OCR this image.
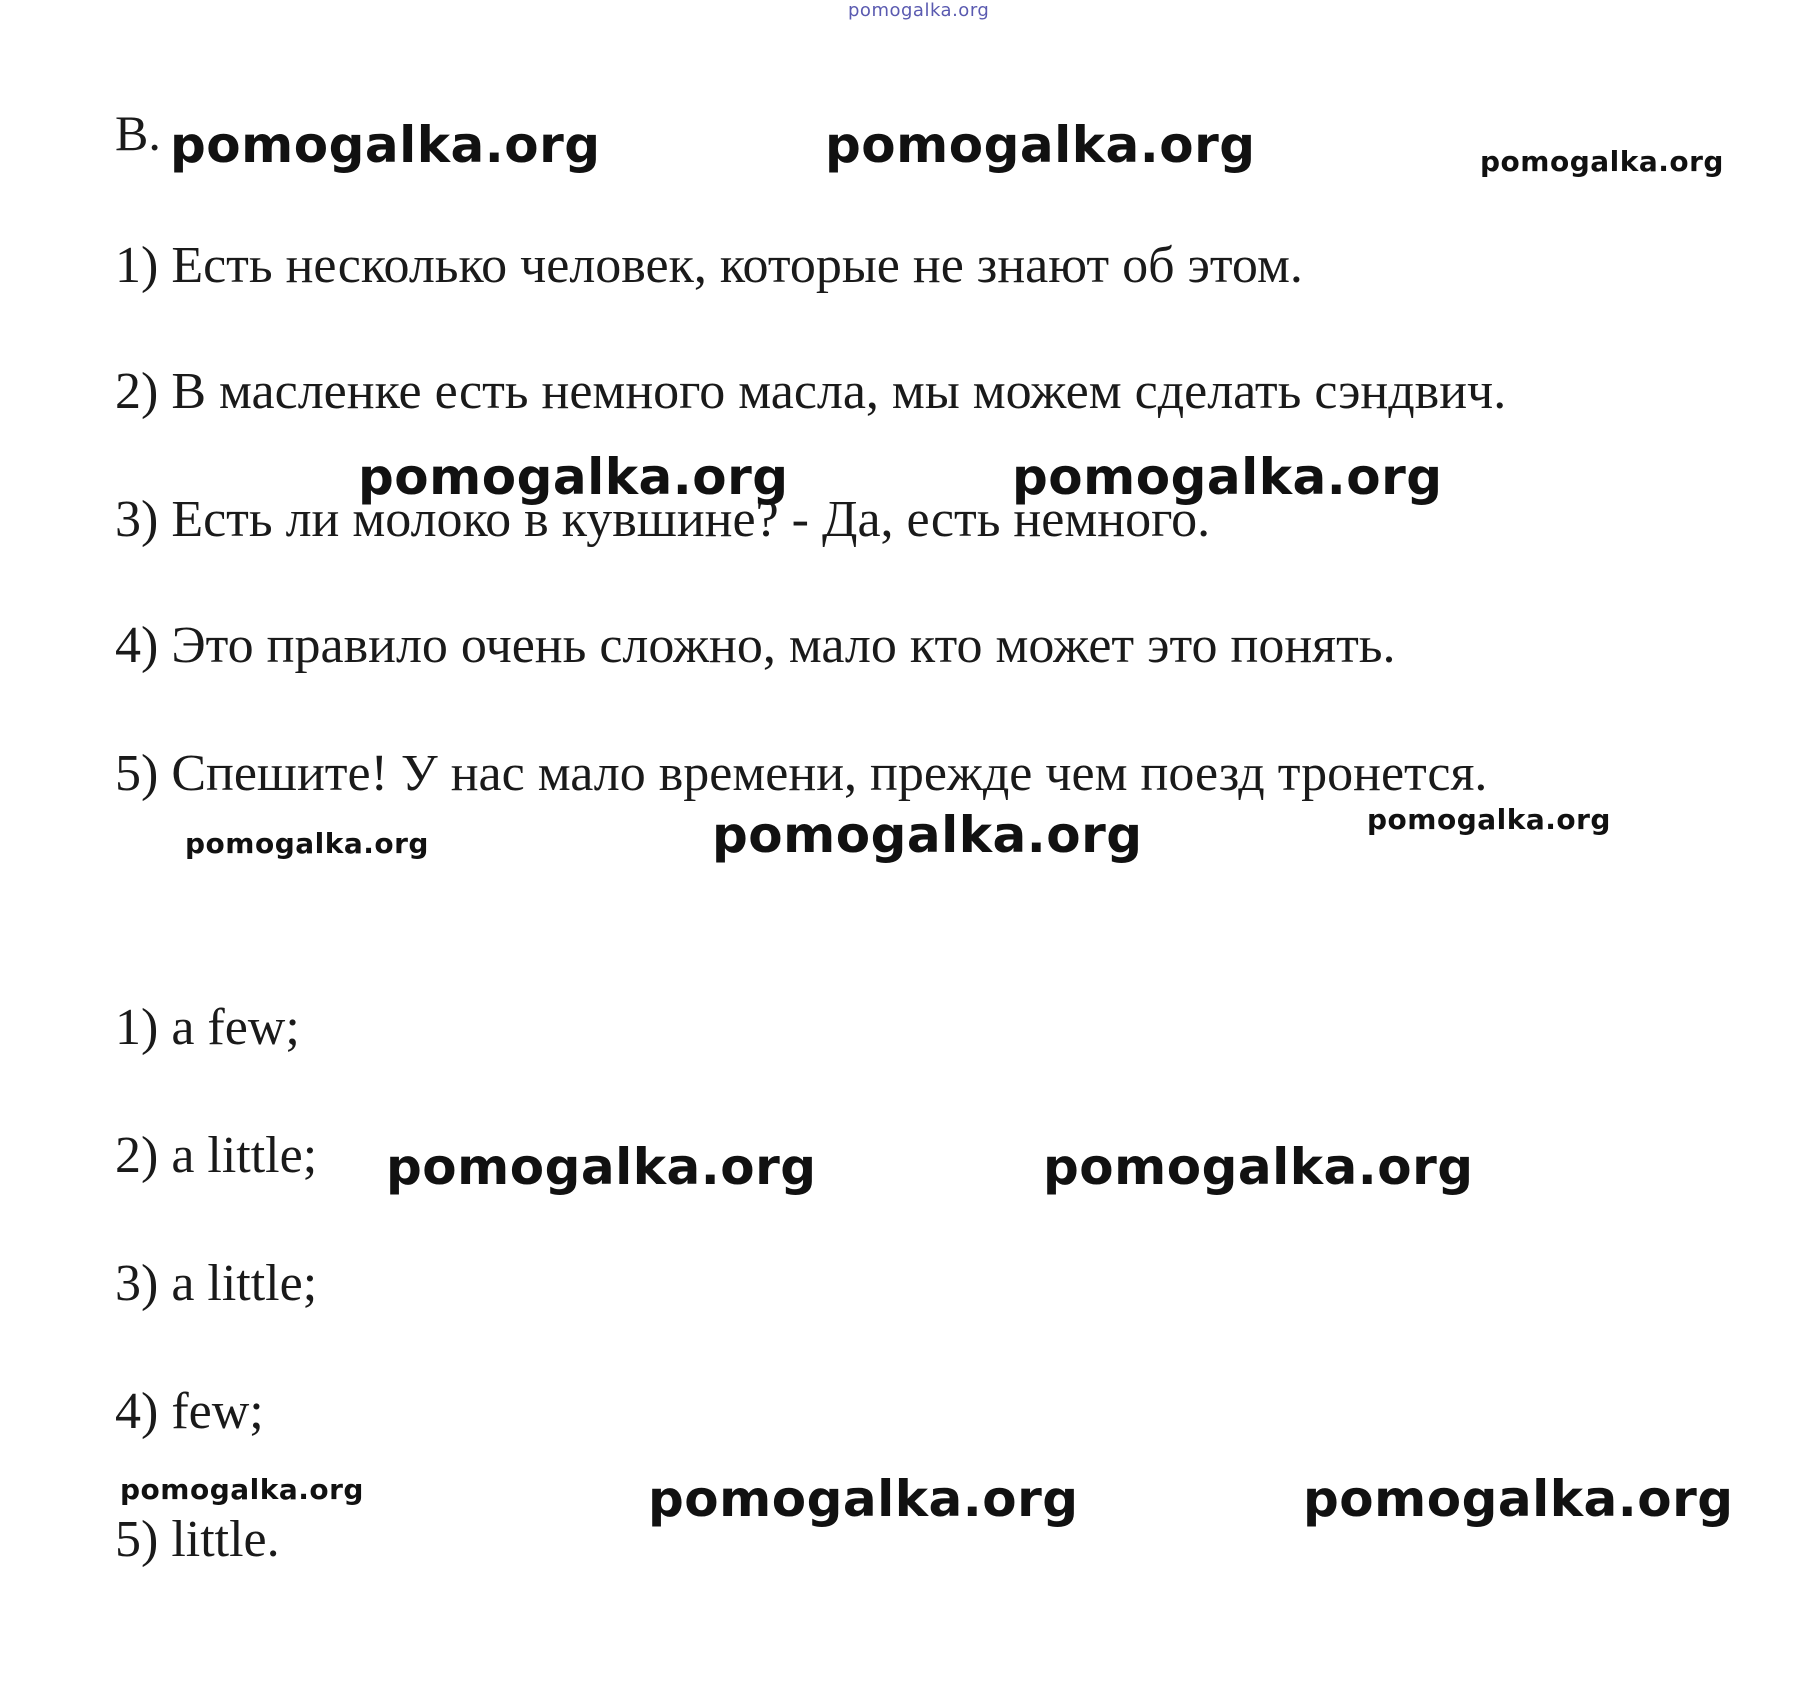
pomogalka.org
B. pomogalka.org	pomogalka.org	pomogalka.org
1) Есть несколько человек, которые не знают об этом.
2) В масленке есть немного масла, мы можем сделать сэндвич.
3) Есть ли молоко в кувшине? - Да, есть немного.
pomogalka.org	pomogalka.org
4) Это правило очень сложно, мало кто может это понять.
5) Спешите! У нас мало времени, прежде чем поезд тронется.
pomogalka.org	pomogalka.org	pomogalka.org
1) a few;
2) a little; pomogalka.org	pomogalka.org
3) a little;
4) few;
pomogalka.org	pomogalka.org	pomogalka.org
5) little.
